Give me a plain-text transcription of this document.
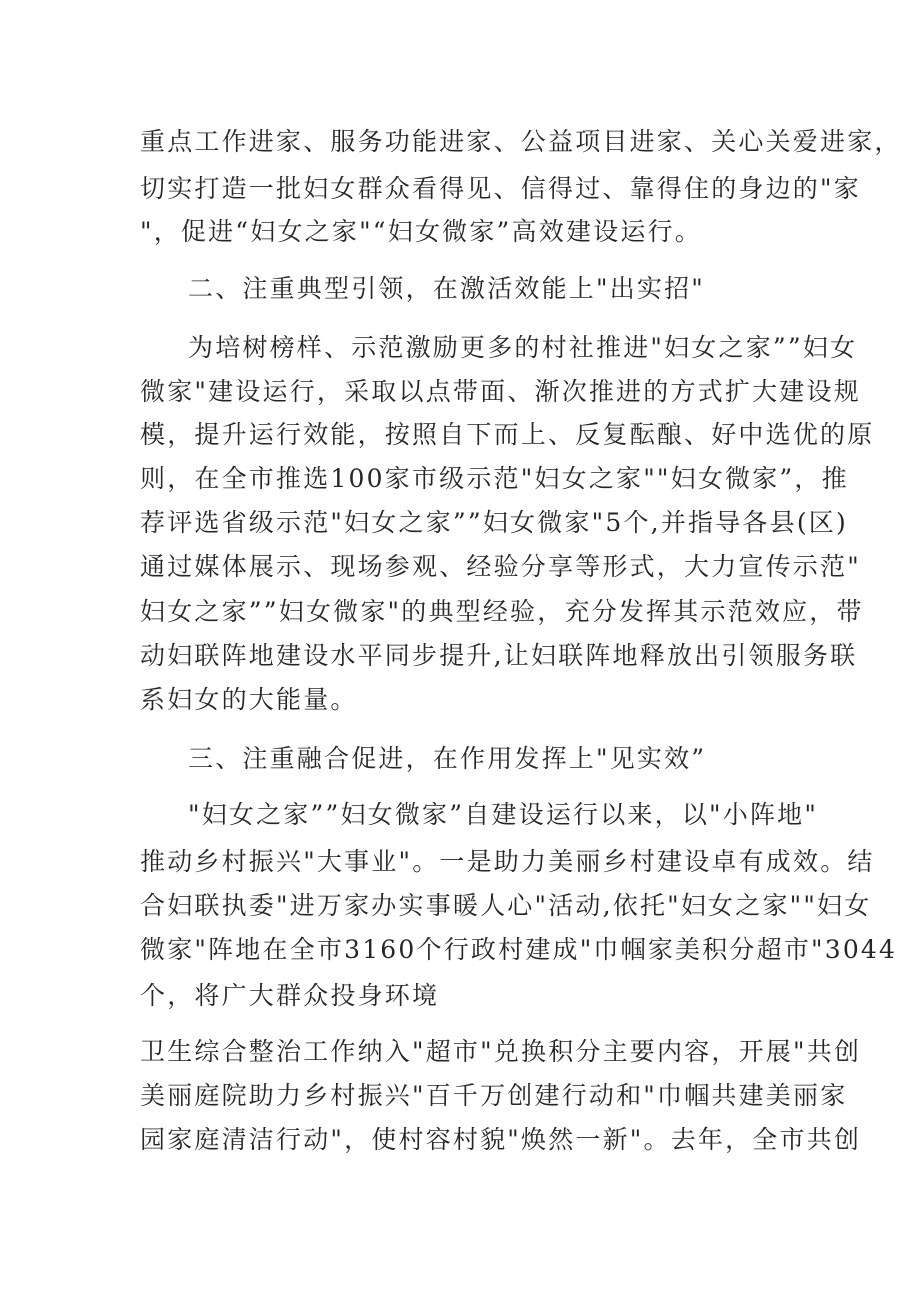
重点工作进家、服务功能进家、公益项目进家、关心关爱进家，
切实打造一批妇女群众看得见、信得过、靠得住的身边的"家
"，促进“妇女之家"“妇女微家”高效建设运行。
二、注重典型引领，在激活效能上"出实招"
为培树榜样、示范激励更多的村社推进"妇女之家””妇女
微家"建设运行，采取以点带面、渐次推进的方式扩大建设规
模，提升运行效能，按照自下而上、反复酝酿、好中选优的原
则，在全市推选100家市级示范"妇女之家""妇女微家”，推
荐评选省级示范"妇女之家””妇女微家"5个,并指导各县(区)
通过媒体展示、现场参观、经验分享等形式，大力宣传示范"
妇女之家””妇女微家"的典型经验，充分发挥其示范效应，带
动妇联阵地建设水平同步提升,让妇联阵地释放出引领服务联
系妇女的大能量。
三、注重融合促进，在作用发挥上"见实效”
"妇女之家””妇女微家”自建设运行以来，以"小阵地"
推动乡村振兴"大事业"。一是助力美丽乡村建设卓有成效。结
合妇联执委"进万家办实事暖人心"活动,依托"妇女之家""妇女
微家"阵地在全市3160个行政村建成"巾帼家美积分超市"3044
个，将广大群众投身环境
卫生综合整治工作纳入"超市"兑换积分主要内容，开展"共创
美丽庭院助力乡村振兴"百千万创建行动和"巾帼共建美丽家
园家庭清洁行动"，使村容村貌"焕然一新"。去年，全市共创
